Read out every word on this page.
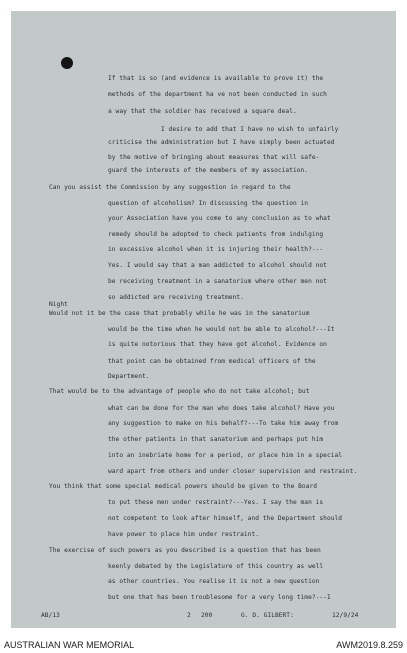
If that is so (and evidence is available to prove it) the
methods of the department ha ve not been conducted in such
a way that the soldier has received a square deal.
I desire to add that I have no wish to unfairly
criticise the administration but I have simply been actuated
by the motive of bringing about measures that will safe-
guard the interests of the members of my association.
Can you assist the Commission by any suggestion in regard to the
question of alcoholism? In discussing the question in
your Association have you come to any conclusion as to what
remedy should be adopted to check patients from indulging
in excessive alcohol when it is injuring their health?---
Yes. I would say that a man addicted to alcohol should not
be receiving treatment in a sanatorium where other men not
so addicted are receiving treatment.
Night
Would not it be the case that probably while he was in the sanatorium
would be the time when he would not be able to alcohol?---It
is quite notorious that they have got alcohol. Evidence on
that point can be obtained from medical officers of the
Department.
That would be to the advantage of people who do not take alcohol; but
what can be done for the man who does take alcohol? Have you
any suggestion to make on his behalf?---To take him away from
the other patients in that sanatorium and perhaps put him
into an inebriate home for a period, or place him in a special
ward apart from others and under closer supervision and restraint.
You think that some special medical powers should be given to the Board
to put these men under restraint?---Yes. I say the man is
not competent to look after himself, and the Department should
have power to place him under restraint.
The exercise of such powers as you described is a question that has been
keenly debated by the Legislature of this country as well
as other countries. You realise it is not a new question
but one that has been troublesome for a very long time?---I
AB/13	2 200	G. D. GILBERT:	12/9/24
AUSTRALIAN WAR MEMORIAL	AWM2019.8.259
